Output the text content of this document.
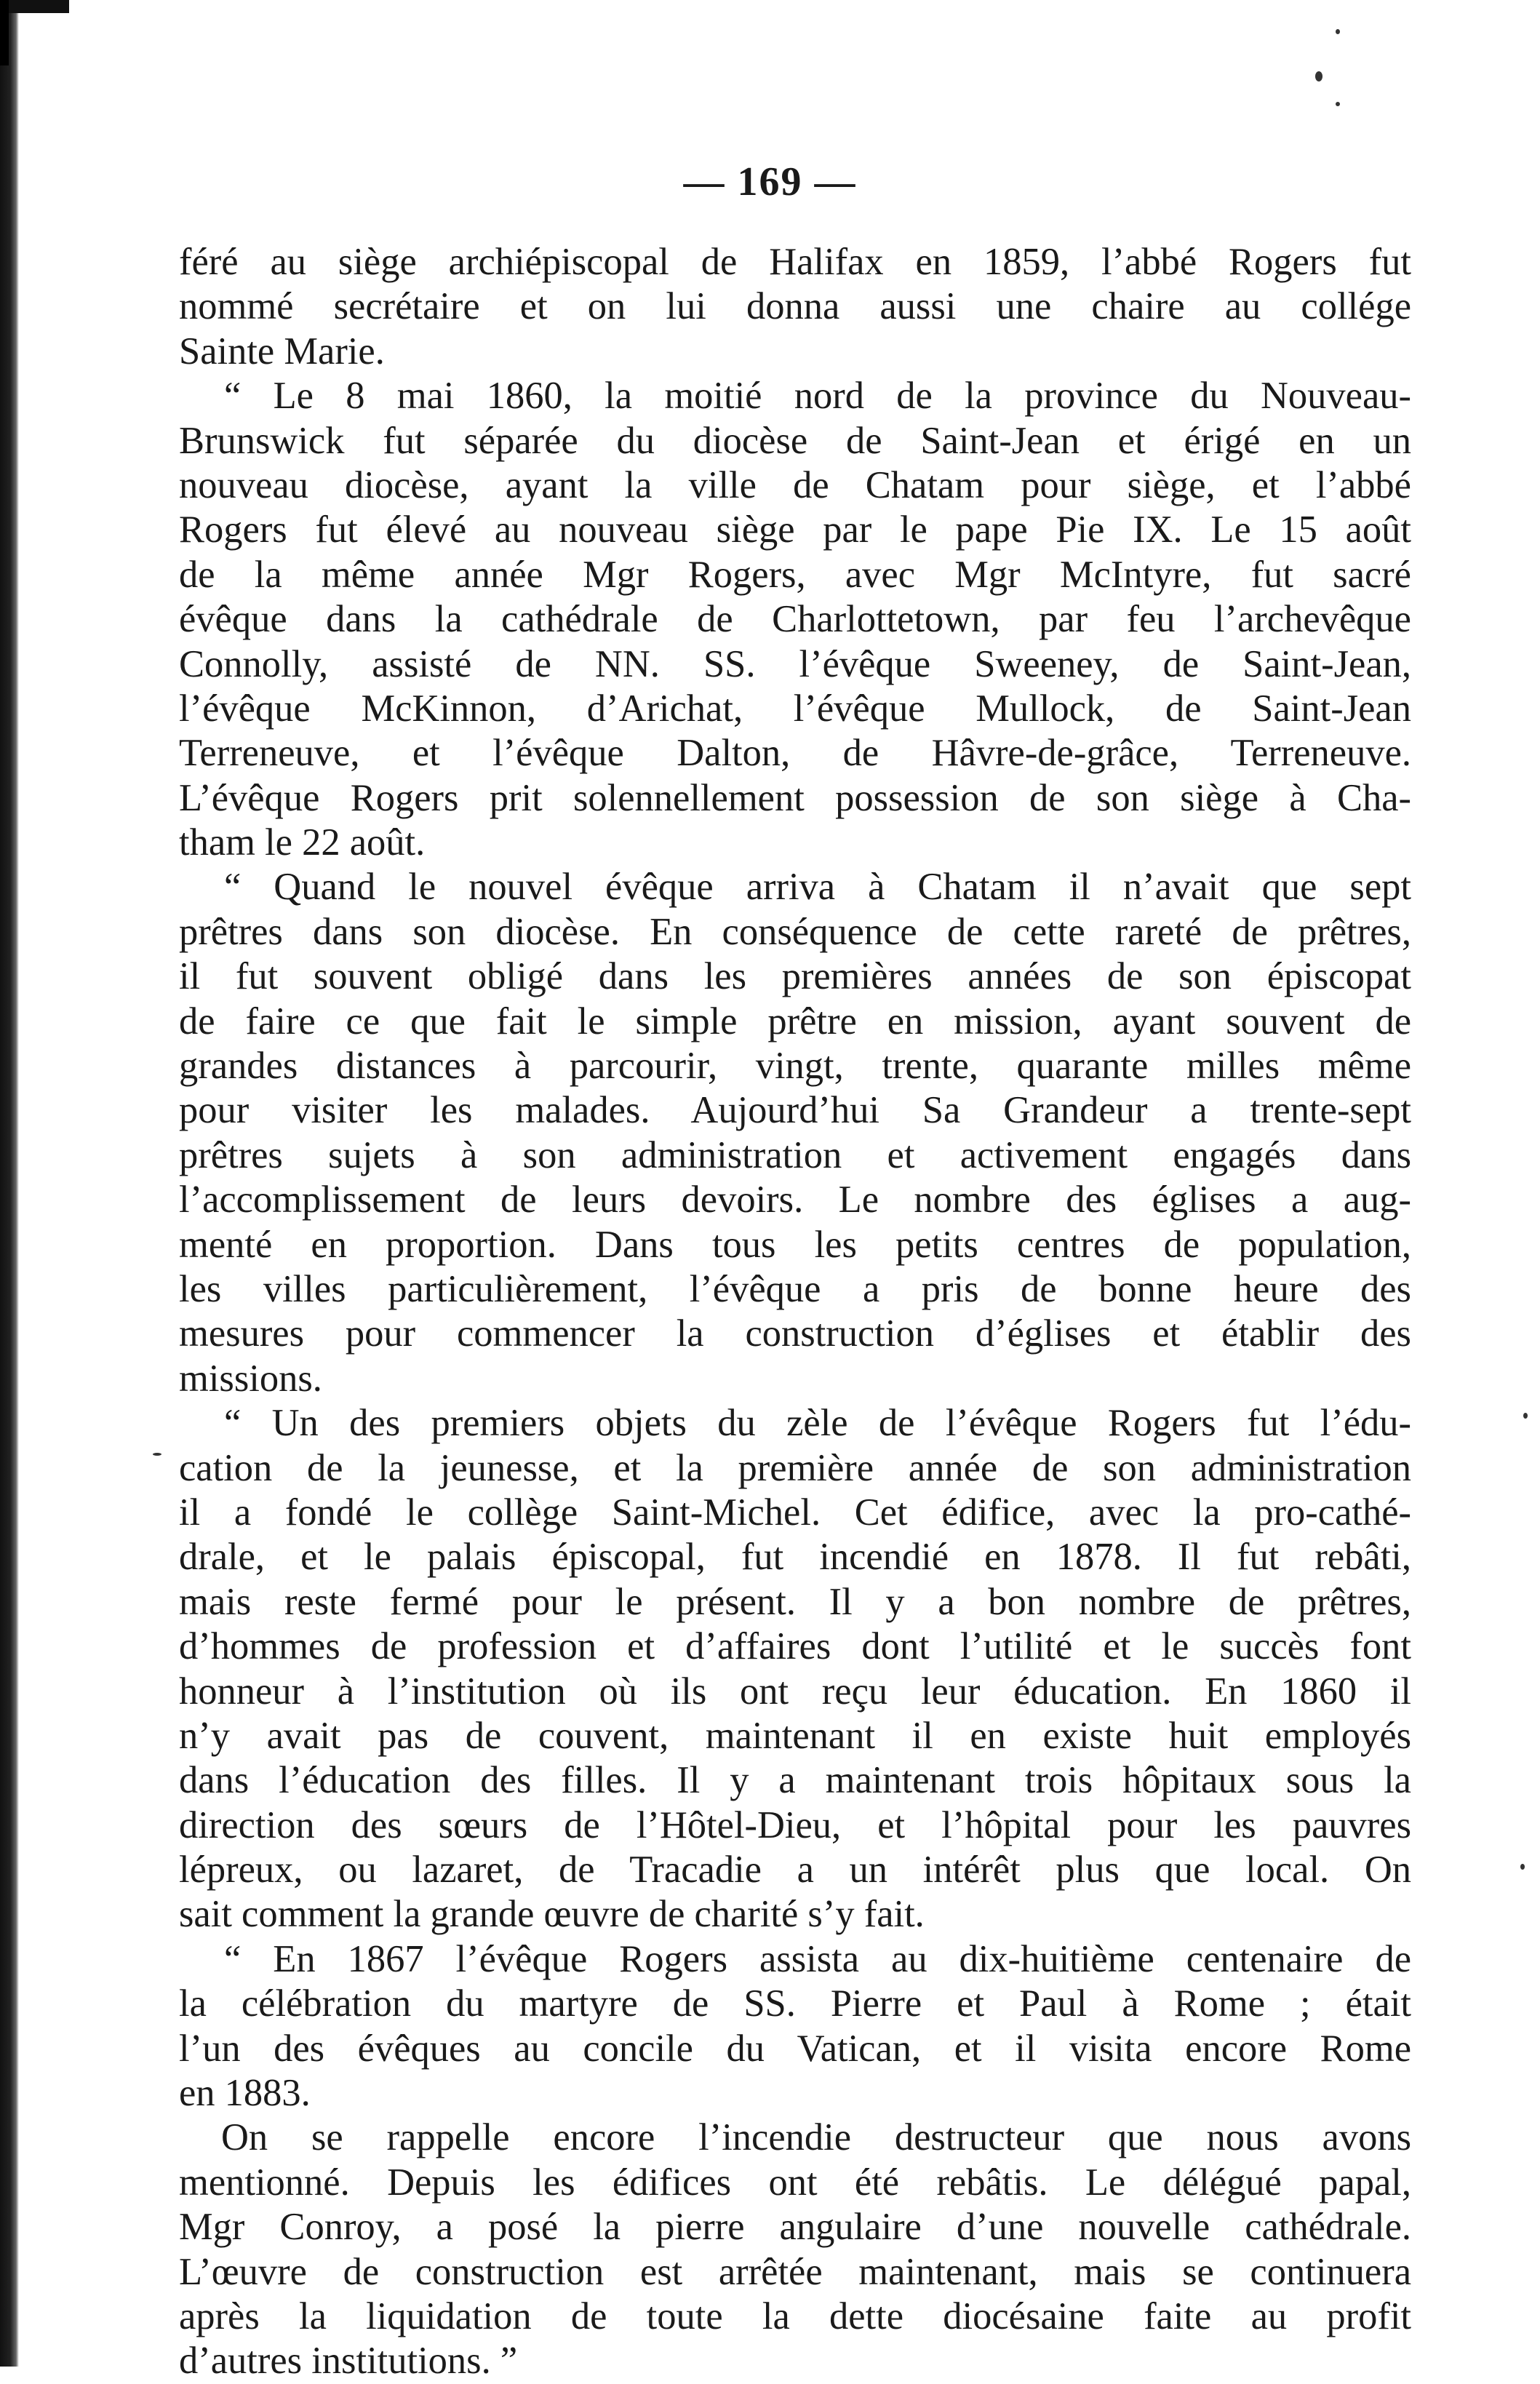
— 169 —
féré au siège archiépiscopal de Halifax en 1859, l’abbé Rogers fut
nommé secrétaire et on lui donna aussi une chaire au collége
Sainte Marie.
“ Le 8 mai 1860, la moitié nord de la province du Nouveau-
Brunswick fut séparée du diocèse de Saint-Jean et érigé en un
nouveau diocèse, ayant la ville de Chatam pour siège, et l’abbé
Rogers fut élevé au nouveau siège par le pape Pie IX. Le 15 août
de la même année Mgr Rogers, avec Mgr McIntyre, fut sacré
évêque dans la cathédrale de Charlottetown, par feu l’archevêque
Connolly, assisté de NN. SS. l’évêque Sweeney, de Saint-Jean,
l’évêque McKinnon, d’Arichat, l’évêque Mullock, de Saint-Jean
Terreneuve, et l’évêque Dalton, de Hâvre-de-grâce, Terreneuve.
L’évêque Rogers prit solennellement possession de son siège à Cha-
tham le 22 août.
“ Quand le nouvel évêque arriva à Chatam il n’avait que sept
prêtres dans son diocèse. En conséquence de cette rareté de prêtres,
il fut souvent obligé dans les premières années de son épiscopat
de faire ce que fait le simple prêtre en mission, ayant souvent de
grandes distances à parcourir, vingt, trente, quarante milles même
pour visiter les malades. Aujourd’hui Sa Grandeur a trente-sept
prêtres sujets à son administration et activement engagés dans
l’accomplissement de leurs devoirs. Le nombre des églises a aug-
menté en proportion. Dans tous les petits centres de population,
les villes particulièrement, l’évêque a pris de bonne heure des
mesures pour commencer la construction d’églises et établir des
missions.
“ Un des premiers objets du zèle de l’évêque Rogers fut l’édu-
cation de la jeunesse, et la première année de son administration
il a fondé le collège Saint-Michel. Cet édifice, avec la pro-cathé-
drale, et le palais épiscopal, fut incendié en 1878. Il fut rebâti,
mais reste fermé pour le présent. Il y a bon nombre de prêtres,
d’hommes de profession et d’affaires dont l’utilité et le succès font
honneur à l’institution où ils ont reçu leur éducation. En 1860 il
n’y avait pas de couvent, maintenant il en existe huit employés
dans l’éducation des filles. Il y a maintenant trois hôpitaux sous la
direction des sœurs de l’Hôtel-Dieu, et l’hôpital pour les pauvres
lépreux, ou lazaret, de Tracadie a un intérêt plus que local. On
sait comment la grande œuvre de charité s’y fait.
“ En 1867 l’évêque Rogers assista au dix-huitième centenaire de
la célébration du martyre de SS. Pierre et Paul à Rome ; était
l’un des évêques au concile du Vatican, et il visita encore Rome
en 1883.
On se rappelle encore l’incendie destructeur que nous avons
mentionné. Depuis les édifices ont été rebâtis. Le délégué papal,
Mgr Conroy, a posé la pierre angulaire d’une nouvelle cathédrale.
L’œuvre de construction est arrêtée maintenant, mais se continuera
après la liquidation de toute la dette diocésaine faite au profit
d’autres institutions. ”
